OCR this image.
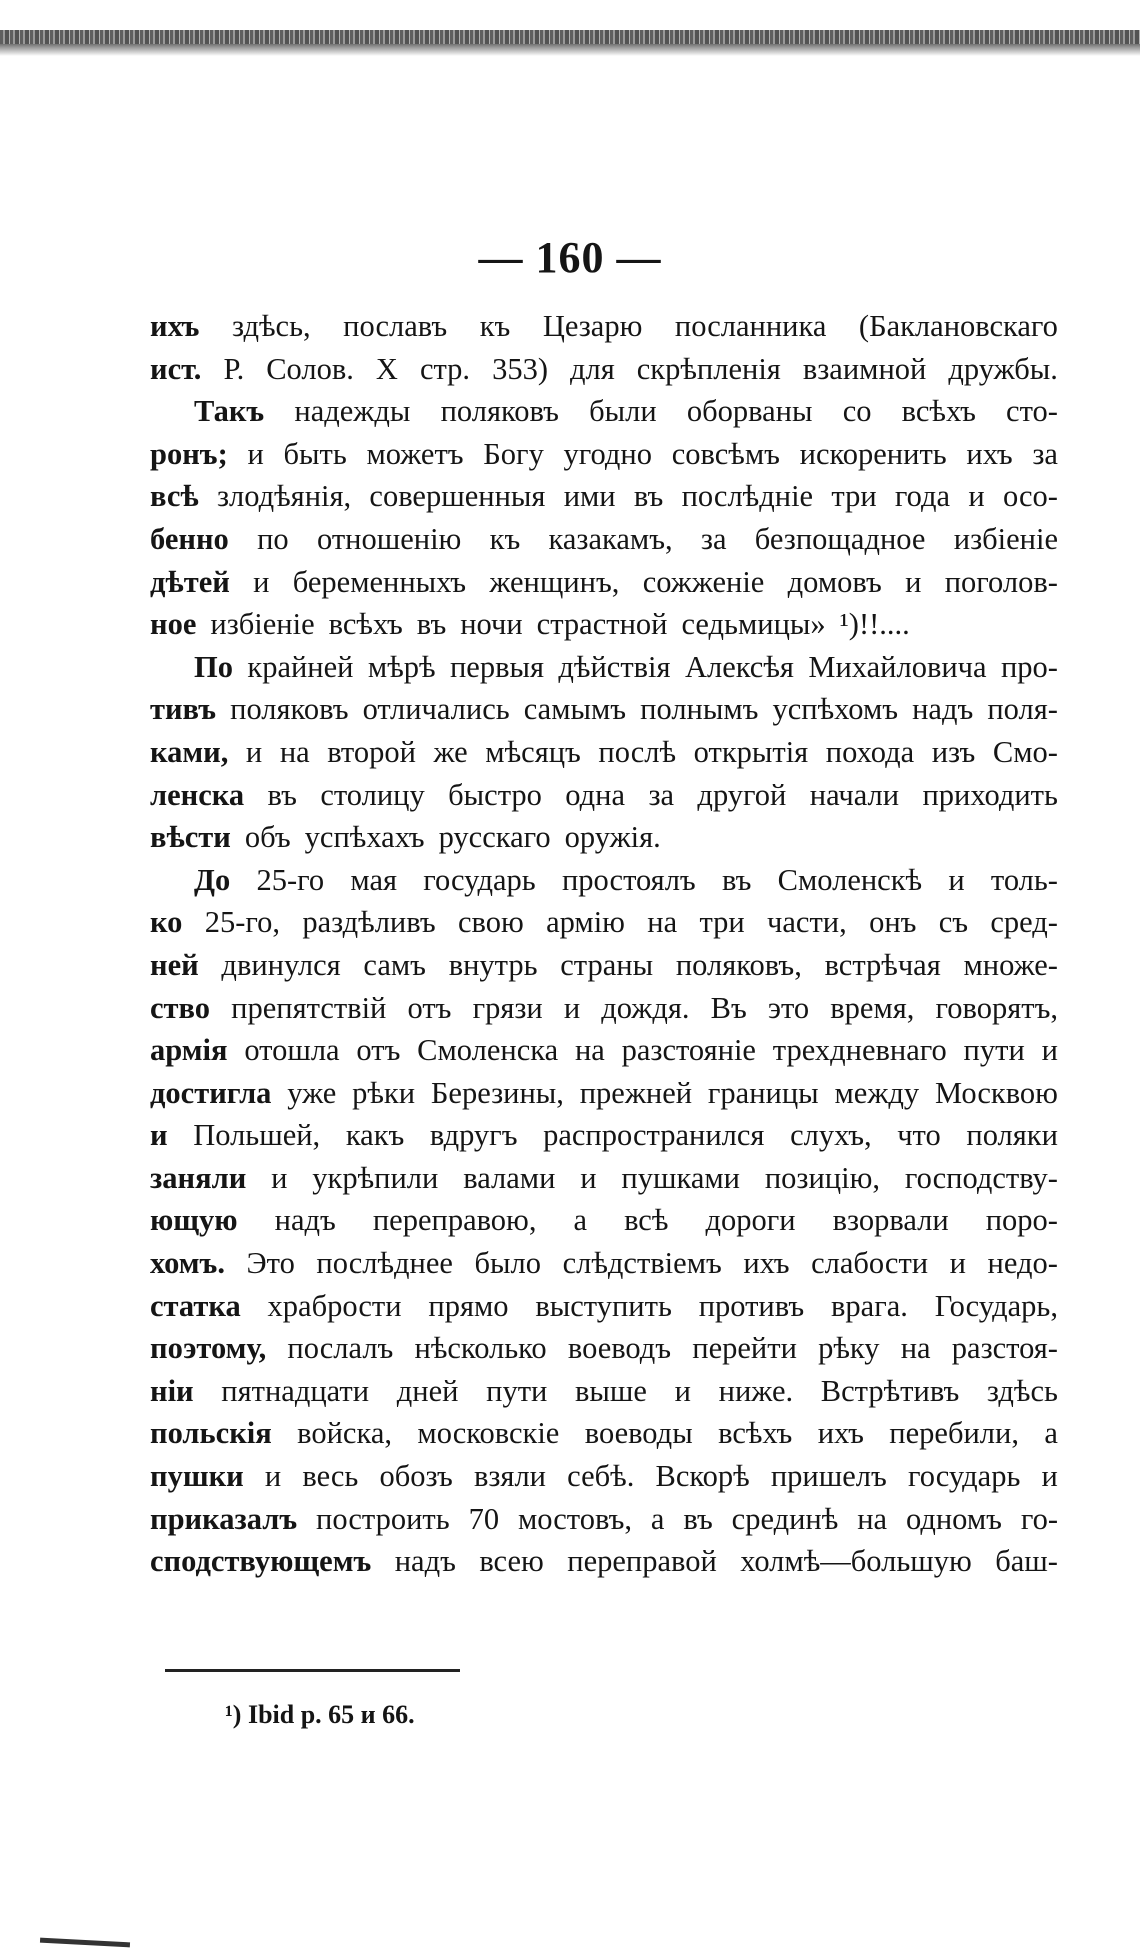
— 160 —
ихъ здѣсь, пославъ къ Цезарю посланника (Баклановскаго
ист. Р. Солов. X стр. 353) для скрѣпленія взаимной дружбы.
Такъ надежды поляковъ были оборваны со всѣхъ сто-
ронъ; и быть можетъ Богу угодно совсѣмъ искоренить ихъ за
всѣ злодѣянія, совершенныя ими въ послѣдніе три года и осо-
бенно по отношенію къ казакамъ, за безпощадное избіеніе
дѣтей и беременныхъ женщинъ, сожженіе домовъ и поголов-
ное избіеніе всѣхъ въ ночи страстной седьмицы» ¹)!!....
По крайней мѣрѣ первыя дѣйствія Алексѣя Михайловича про-
тивъ поляковъ отличались самымъ полнымъ успѣхомъ надъ поля-
ками, и на второй же мѣсяцъ послѣ открытія похода изъ Смо-
ленска въ столицу быстро одна за другой начали приходить
вѣсти объ успѣхахъ русскаго оружія.
До 25-го мая государь простоялъ въ Смоленскѣ и толь-
ко 25-го, раздѣливъ свою армію на три части, онъ съ сред-
ней двинулся самъ внутрь страны поляковъ, встрѣчая множе-
ство препятствій отъ грязи и дождя. Въ это время, говорятъ,
армія отошла отъ Смоленска на разстояніе трехдневнаго пути и
достигла уже рѣки Березины, прежней границы между Москвою
и Польшей, какъ вдругъ распространился слухъ, что поляки
заняли и укрѣпили валами и пушками позицію, господству-
ющую надъ переправою, а всѣ дороги взорвали поро-
хомъ. Это послѣднее было слѣдствіемъ ихъ слабости и недо-
статка храбрости прямо выступить противъ врага. Государь,
поэтому, послалъ нѣсколько воеводъ перейти рѣку на разстоя-
ніи пятнадцати дней пути выше и ниже. Встрѣтивъ здѣсь
польскія войска, московскіе воеводы всѣхъ ихъ перебили, а
пушки и весь обозъ взяли себѣ. Вскорѣ пришелъ государь и
приказалъ построить 70 мостовъ, а въ срединѣ на одномъ го-
сподствующемъ надъ всею переправой холмѣ—большую баш-
¹) Ibid p. 65 и 66.
